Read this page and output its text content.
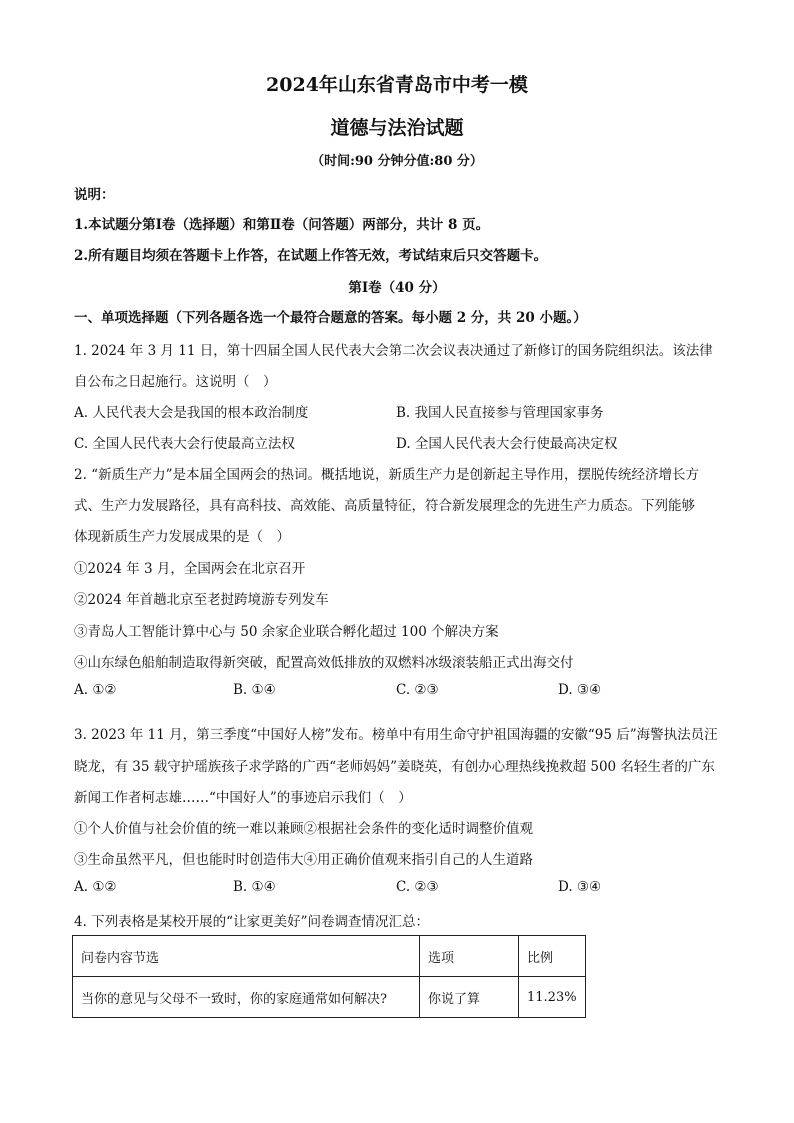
2024年山东省青岛市中考一模
道德与法治试题
（时间:90 分钟分值:80 分）
说明：
1.本试题分第Ⅰ卷（选择题）和第Ⅱ卷（问答题）两部分，共计 8 页。
2.所有题目均须在答题卡上作答，在试题上作答无效，考试结束后只交答题卡。
第Ⅰ卷（40 分）
一、单项选择题（下列各题各选一个最符合题意的答案。每小题 2 分，共 20 小题。）
1. 2024 年 3 月 11 日，第十四届全国人民代表大会第二次会议表决通过了新修订的国务院组织法。该法律
自公布之日起施行。这说明（　）
A. 人民代表大会是我国的根本政治制度	B. 我国人民直接参与管理国家事务
C. 全国人民代表大会行使最高立法权	D. 全国人民代表大会行使最高决定权
2. “新质生产力”是本届全国两会的热词。概括地说，新质生产力是创新起主导作用，摆脱传统经济增长方
式、生产力发展路径，具有高科技、高效能、高质量特征，符合新发展理念的先进生产力质态。下列能够
体现新质生产力发展成果的是（　）
①2024 年 3 月，全国两会在北京召开
②2024 年首趟北京至老挝跨境游专列发车
③青岛人工智能计算中心与 50 余家企业联合孵化超过 100 个解决方案
④山东绿色船舶制造取得新突破，配置高效低排放的双燃料冰级滚装船正式出海交付
A. ①②	B. ①④	C. ②③	D. ③④
3. 2023 年 11 月，第三季度“中国好人榜”发布。榜单中有用生命守护祖国海疆的安徽“95 后”海警执法员汪
晓龙，有 35 载守护瑶族孩子求学路的广西“老师妈妈”姜晓英，有创办心理热线挽救超 500 名轻生者的广东
新闻工作者柯志雄……“中国好人”的事迹启示我们（　）
①个人价值与社会价值的统一难以兼顾②根据社会条件的变化适时调整价值观
③生命虽然平凡，但也能时时创造伟大④用正确价值观来指引自己的人生道路
A. ①②	B. ①④	C. ②③	D. ③④
4. 下列表格是某校开展的“让家更美好”问卷调查情况汇总：
问卷内容节选	选项	比例
当你的意见与父母不一致时，你的家庭通常如何解决?	你说了算	11.23%
